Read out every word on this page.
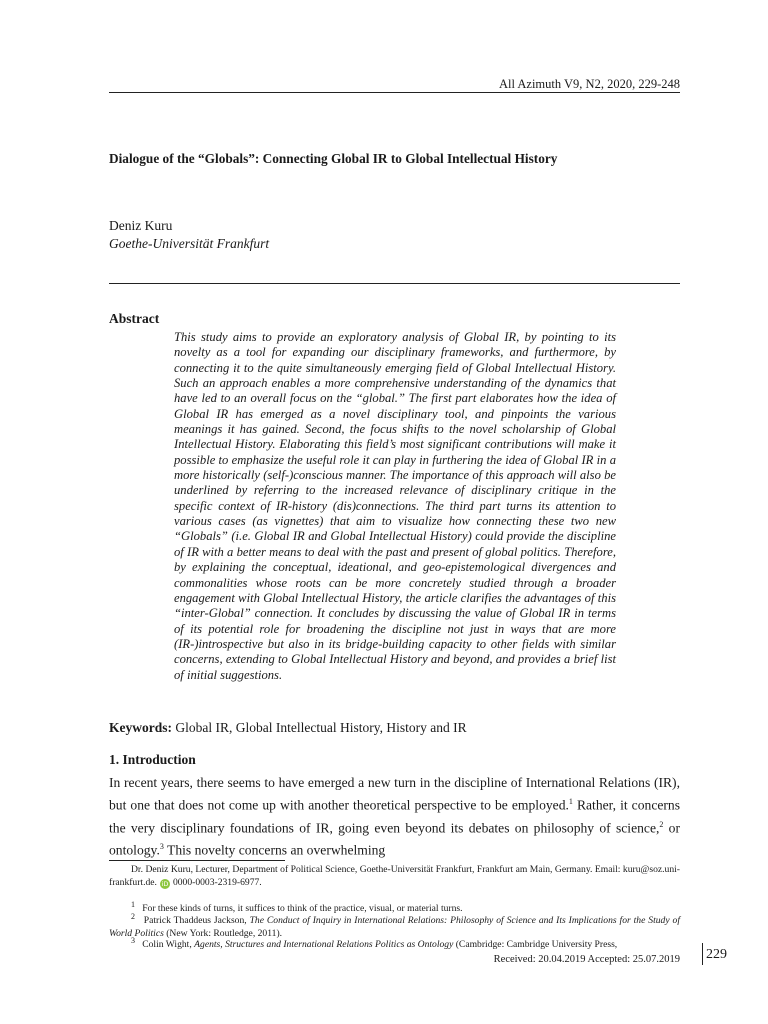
All Azimuth V9, N2, 2020, 229-248
Dialogue of the “Globals”: Connecting Global IR to Global Intellectual History
Deniz Kuru
Goethe-Universität Frankfurt
Abstract
This study aims to provide an exploratory analysis of Global IR, by pointing to its novelty as a tool for expanding our disciplinary frameworks, and furthermore, by connecting it to the quite simultaneously emerging field of Global Intellectual History. Such an approach enables a more comprehensive understanding of the dynamics that have led to an overall focus on the “global.” The first part elaborates how the idea of Global IR has emerged as a novel disciplinary tool, and pinpoints the various meanings it has gained. Second, the focus shifts to the novel scholarship of Global Intellectual History. Elaborating this field’s most significant contributions will make it possible to emphasize the useful role it can play in furthering the idea of Global IR in a more historically (self-)conscious manner. The importance of this approach will also be underlined by referring to the increased relevance of disciplinary critique in the specific context of IR-history (dis)connections. The third part turns its attention to various cases (as vignettes) that aim to visualize how connecting these two new “Globals” (i.e. Global IR and Global Intellectual History) could provide the discipline of IR with a better means to deal with the past and present of global politics. Therefore, by explaining the conceptual, ideational, and geo-epistemological divergences and commonalities whose roots can be more concretely studied through a broader engagement with Global Intellectual History, the article clarifies the advantages of this “inter-Global” connection. It concludes by discussing the value of Global IR in terms of its potential role for broadening the discipline not just in ways that are more (IR-)introspective but also in its bridge-building capacity to other fields with similar concerns, extending to Global Intellectual History and beyond, and provides a brief list of initial suggestions.
Keywords: Global IR, Global Intellectual History, History and IR
1. Introduction
In recent years, there seems to have emerged a new turn in the discipline of International Relations (IR), but one that does not come up with another theoretical perspective to be employed.$^1$ Rather, it concerns the very disciplinary foundations of IR, going even beyond its debates on philosophy of science,$^2$ or ontology.$^3$ This novelty concerns an overwhelming
Dr. Deniz Kuru, Lecturer, Department of Political Science, Goethe-Universität Frankfurt, Frankfurt am Main, Germany. Email: kuru@soz.uni-frankfurt.de. iD 0000-0003-2319-6977.
$^1$ For these kinds of turns, it suffices to think of the practice, visual, or material turns.
$^2$ Patrick Thaddeus Jackson, The Conduct of Inquiry in International Relations: Philosophy of Science and Its Implications for the Study of World Politics (New York: Routledge, 2011).
$^3$ Colin Wight, Agents, Structures and International Relations Politics as Ontology (Cambridge: Cambridge University Press,
Received: 20.04.2019 Accepted: 25.07.2019 229
